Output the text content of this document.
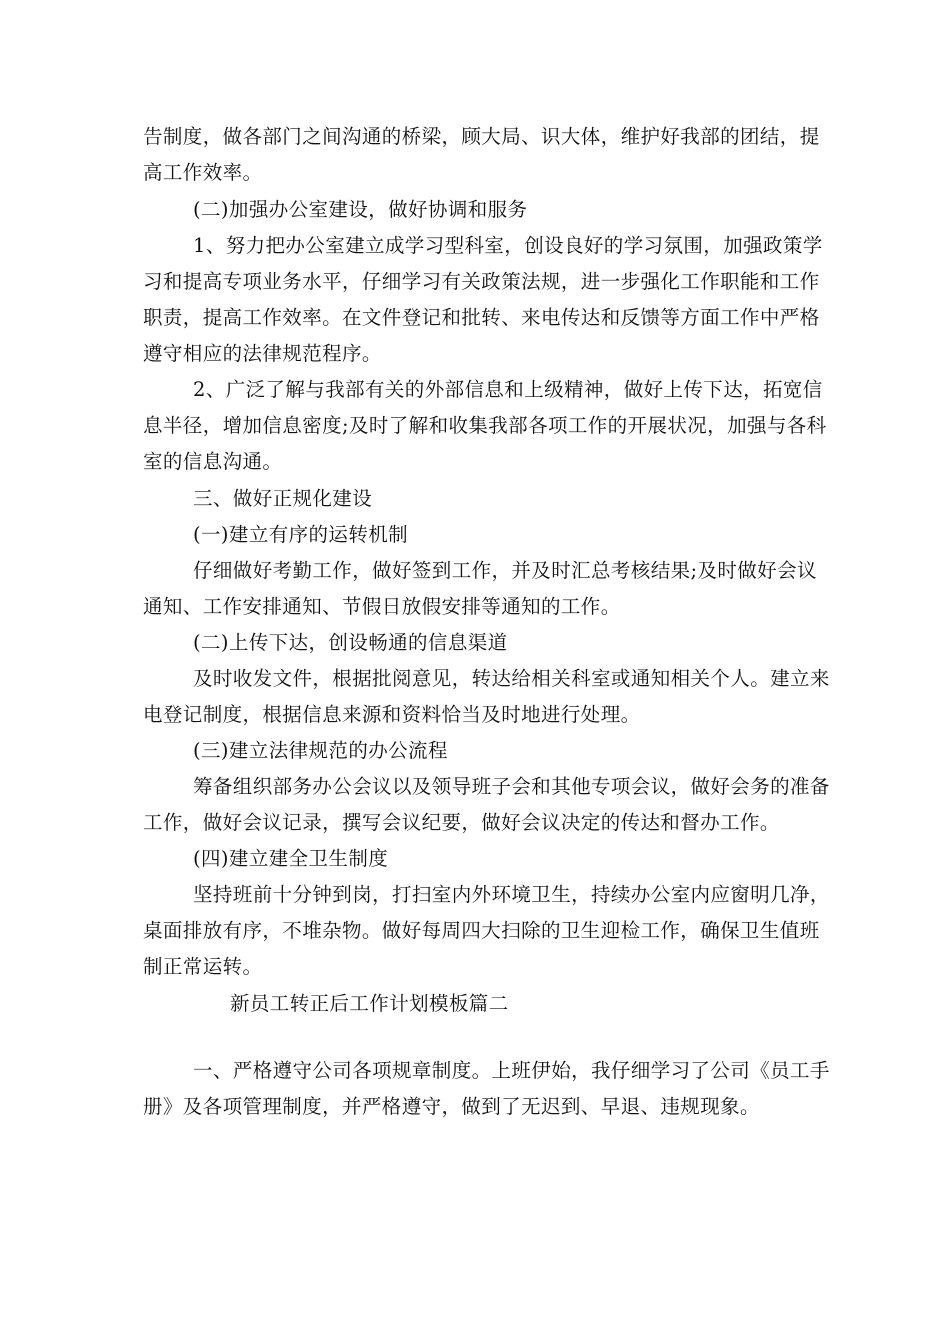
告制度，做各部门之间沟通的桥梁，顾大局、识大体，维护好我部的团结，提
高工作效率。
(二)加强办公室建设，做好协调和服务
1、努力把办公室建立成学习型科室，创设良好的学习氛围，加强政策学
习和提高专项业务水平，仔细学习有关政策法规，进一步强化工作职能和工作
职责，提高工作效率。在文件登记和批转、来电传达和反馈等方面工作中严格
遵守相应的法律规范程序。
2、广泛了解与我部有关的外部信息和上级精神，做好上传下达，拓宽信
息半径，增加信息密度;及时了解和收集我部各项工作的开展状况，加强与各科
室的信息沟通。
三、做好正规化建设
(一)建立有序的运转机制
仔细做好考勤工作，做好签到工作，并及时汇总考核结果;及时做好会议
通知、工作安排通知、节假日放假安排等通知的工作。
(二)上传下达，创设畅通的信息渠道
及时收发文件，根据批阅意见，转达给相关科室或通知相关个人。建立来
电登记制度，根据信息来源和资料恰当及时地进行处理。
(三)建立法律规范的办公流程
筹备组织部务办公会议以及领导班子会和其他专项会议，做好会务的准备
工作，做好会议记录，撰写会议纪要，做好会议决定的传达和督办工作。
(四)建立建全卫生制度
坚持班前十分钟到岗，打扫室内外环境卫生，持续办公室内应窗明几净，
桌面排放有序，不堆杂物。做好每周四大扫除的卫生迎检工作，确保卫生值班
制正常运转。
新员工转正后工作计划模板篇二
一、严格遵守公司各项规章制度。上班伊始，我仔细学习了公司《员工手
册》及各项管理制度，并严格遵守，做到了无迟到、早退、违规现象。
